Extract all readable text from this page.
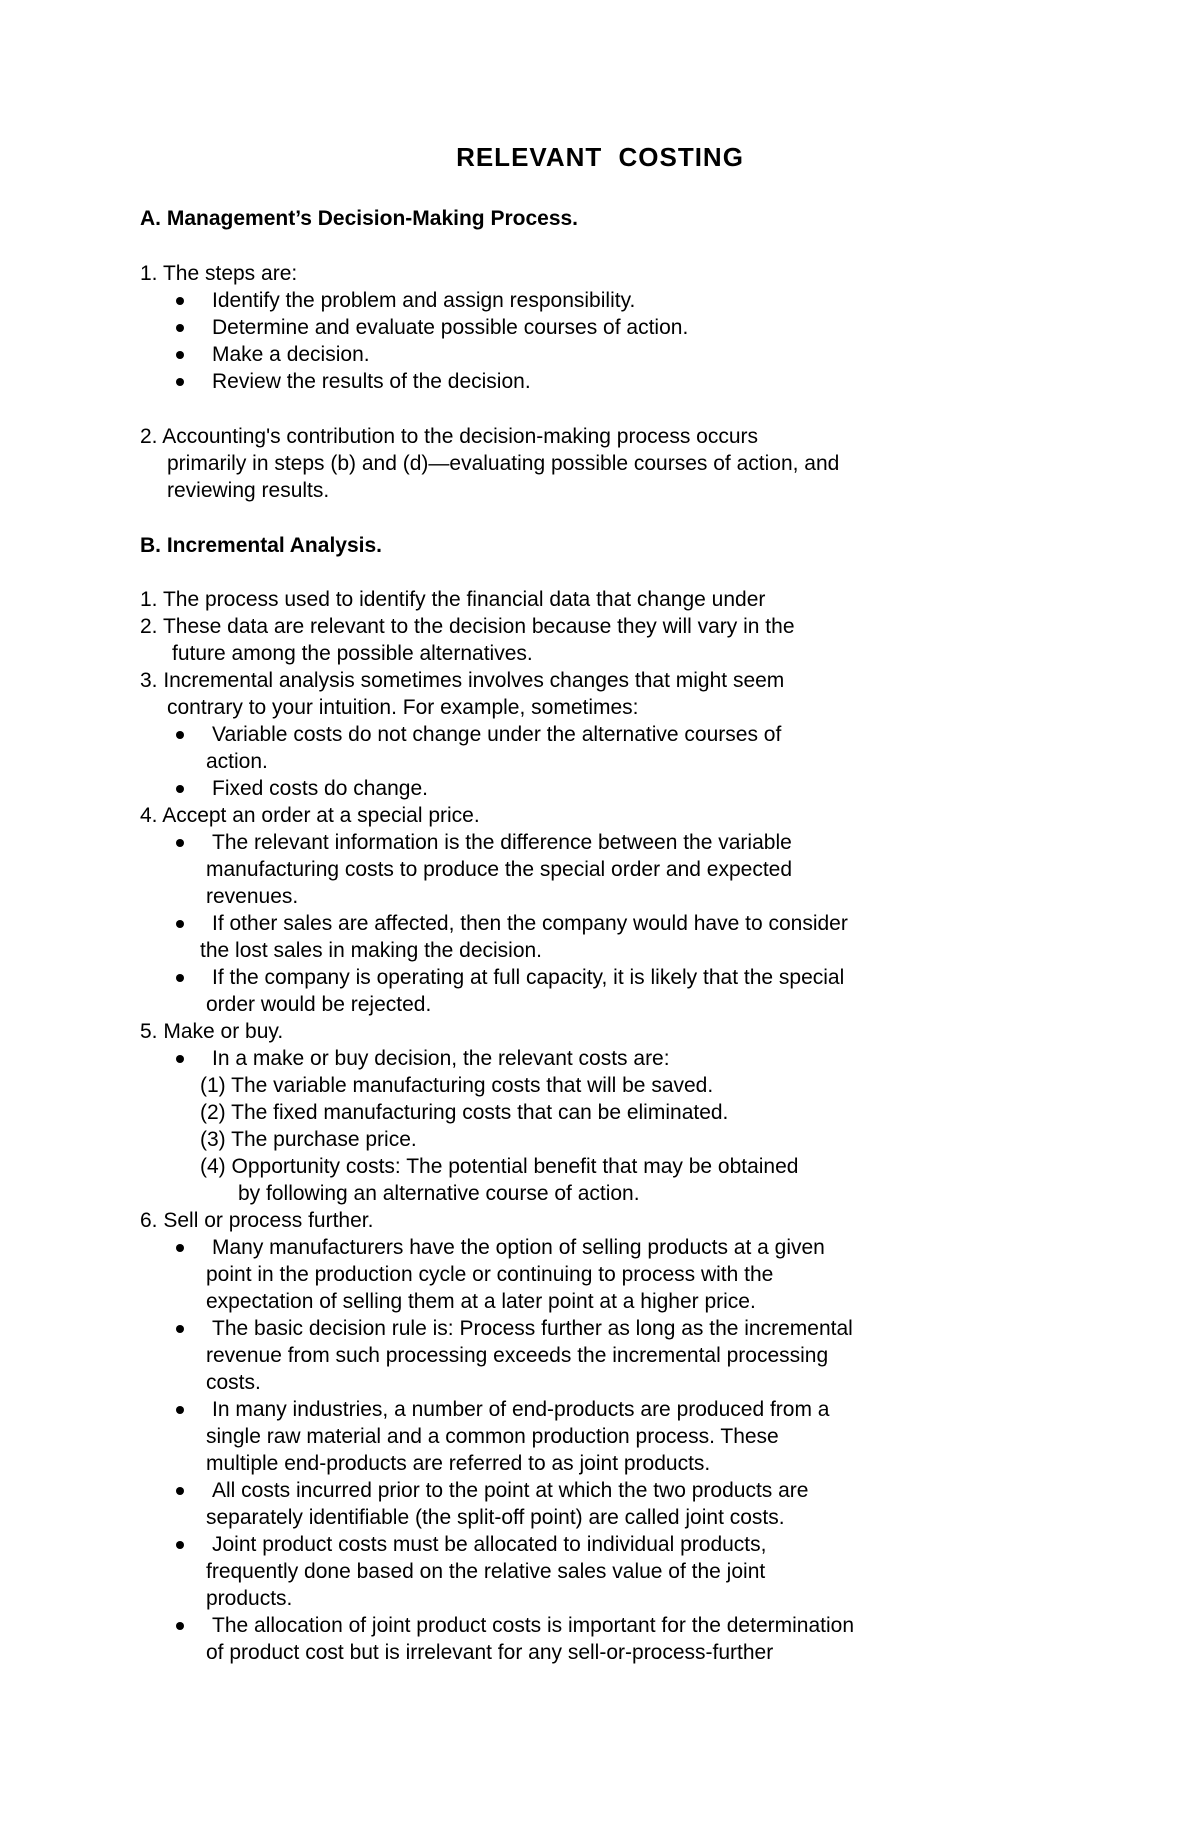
RELEVANT COSTING
A. Management’s Decision-Making Process.
1. The steps are:
Identify the problem and assign responsibility.
Determine and evaluate possible courses of action.
Make a decision.
Review the results of the decision.
2. Accounting's contribution to the decision-making process occurs
primarily in steps (b) and (d)—evaluating possible courses of action, and
reviewing results.
B. Incremental Analysis.
1. The process used to identify the financial data that change under
2. These data are relevant to the decision because they will vary in the
future among the possible alternatives.
3. Incremental analysis sometimes involves changes that might seem
contrary to your intuition. For example, sometimes:
Variable costs do not change under the alternative courses of
action.
Fixed costs do change.
4. Accept an order at a special price.
The relevant information is the difference between the variable
manufacturing costs to produce the special order and expected
revenues.
If other sales are affected, then the company would have to consider
the lost sales in making the decision.
If the company is operating at full capacity, it is likely that the special
order would be rejected.
5. Make or buy.
In a make or buy decision, the relevant costs are:
(1) The variable manufacturing costs that will be saved.
(2) The fixed manufacturing costs that can be eliminated.
(3) The purchase price.
(4) Opportunity costs: The potential benefit that may be obtained
by following an alternative course of action.
6. Sell or process further.
Many manufacturers have the option of selling products at a given
point in the production cycle or continuing to process with the
expectation of selling them at a later point at a higher price.
The basic decision rule is: Process further as long as the incremental
revenue from such processing exceeds the incremental processing
costs.
In many industries, a number of end-products are produced from a
single raw material and a common production process. These
multiple end-products are referred to as joint products.
All costs incurred prior to the point at which the two products are
separately identifiable (the split-off point) are called joint costs.
Joint product costs must be allocated to individual products,
frequently done based on the relative sales value of the joint
products.
The allocation of joint product costs is important for the determination
of product cost but is irrelevant for any sell-or-process-further
